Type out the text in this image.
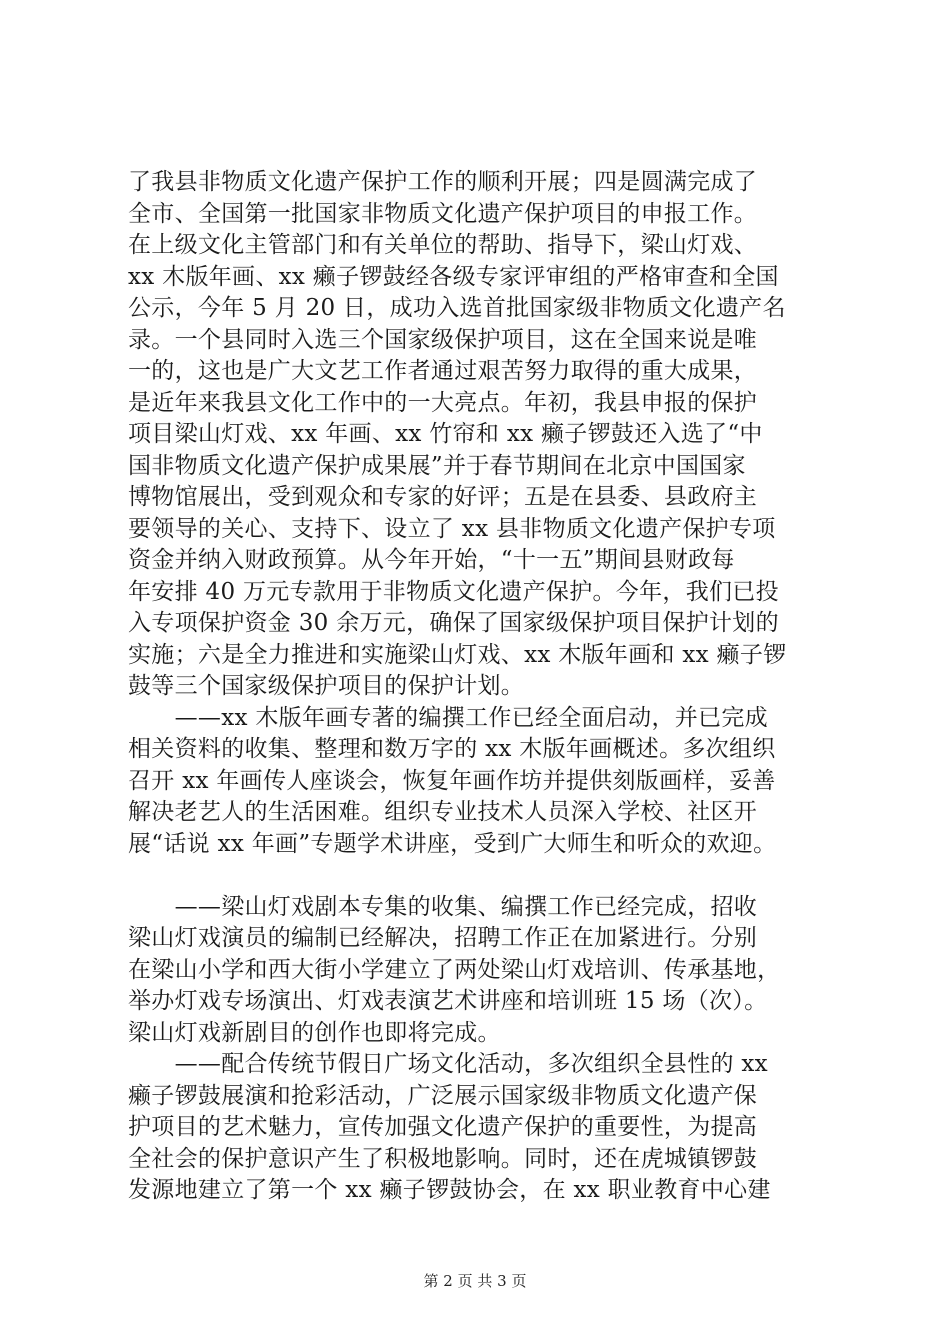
了我县非物质文化遗产保护工作的顺利开展；四是圆满完成了
全市、全国第一批国家非物质文化遗产保护项目的申报工作。
在上级文化主管部门和有关单位的帮助、指导下，梁山灯戏、
xx 木版年画、xx 癞子锣鼓经各级专家评审组的严格审查和全国
公示，今年 5 月 20 日，成功入选首批国家级非物质文化遗产名
录。一个县同时入选三个国家级保护项目，这在全国来说是唯
一的，这也是广大文艺工作者通过艰苦努力取得的重大成果，
是近年来我县文化工作中的一大亮点。年初，我县申报的保护
项目梁山灯戏、xx 年画、xx 竹帘和 xx 癞子锣鼓还入选了“中
国非物质文化遗产保护成果展”并于春节期间在北京中国国家
博物馆展出，受到观众和专家的好评；五是在县委、县政府主
要领导的关心、支持下、设立了 xx 县非物质文化遗产保护专项
资金并纳入财政预算。从今年开始，“十一五”期间县财政每
年安排 40 万元专款用于非物质文化遗产保护。今年，我们已投
入专项保护资金 30 余万元，确保了国家级保护项目保护计划的
实施；六是全力推进和实施梁山灯戏、xx 木版年画和 xx 癞子锣
鼓等三个国家级保护项目的保护计划。
　　——xx 木版年画专著的编撰工作已经全面启动，并已完成
相关资料的收集、整理和数万字的 xx 木版年画概述。多次组织
召开 xx 年画传人座谈会，恢复年画作坊并提供刻版画样，妥善
解决老艺人的生活困难。组织专业技术人员深入学校、社区开
展“话说 xx 年画”专题学术讲座，受到广大师生和听众的欢迎。
　　——梁山灯戏剧本专集的收集、编撰工作已经完成，招收
梁山灯戏演员的编制已经解决，招聘工作正在加紧进行。分别
在梁山小学和西大街小学建立了两处梁山灯戏培训、传承基地，
举办灯戏专场演出、灯戏表演艺术讲座和培训班 15 场（次）。
梁山灯戏新剧目的创作也即将完成。
　　——配合传统节假日广场文化活动，多次组织全县性的 xx
癞子锣鼓展演和抢彩活动，广泛展示国家级非物质文化遗产保
护项目的艺术魅力，宣传加强文化遗产保护的重要性，为提高
全社会的保护意识产生了积极地影响。同时，还在虎城镇锣鼓
发源地建立了第一个 xx 癞子锣鼓协会，在 xx 职业教育中心建
第 2 页 共 3 页
